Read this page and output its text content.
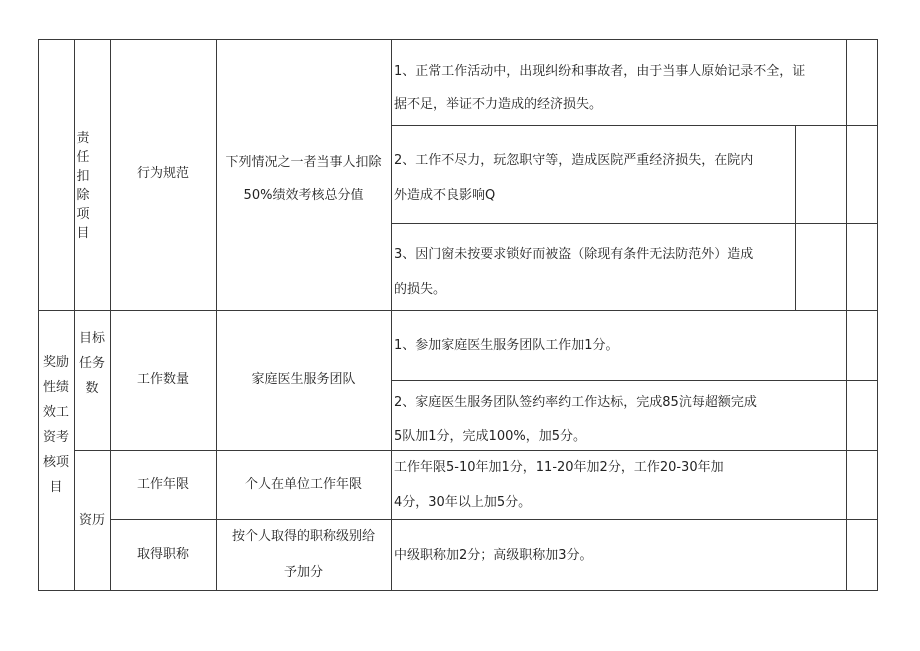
责任扣除项目
行为规范
下列情况之一者当事人扣除
50%绩效考核总分值
1、正常工作活动中，出现纠纷和事故者，由于当事人原始记录不全，证
据不足，举证不力造成的经济损失。
2、工作不尽力，玩忽职守等，造成医院严重经济损失，在院内
外造成不良影响Q
3、因门窗未按要求锁好而被盗（除现有条件无法防范外）造成
的损失。
奖励
性绩
效工
资考
核项
目
目标
任务
数
工作数量	家庭医生服务团队
1、参加家庭医生服务团队工作加1分。
2、家庭医生服务团队签约率约工作达标，完成85沆每超额完成
5队加1分，完成100%，加5分。
资历
工作年限	个人在单位工作年限
工作年限5-10年加1分，11-20年加2分，工作20-30年加
4分，30年以上加5分。
取得职称
按个人取得的职称级别给
予加分
中级职称加2分；高级职称加3分。
